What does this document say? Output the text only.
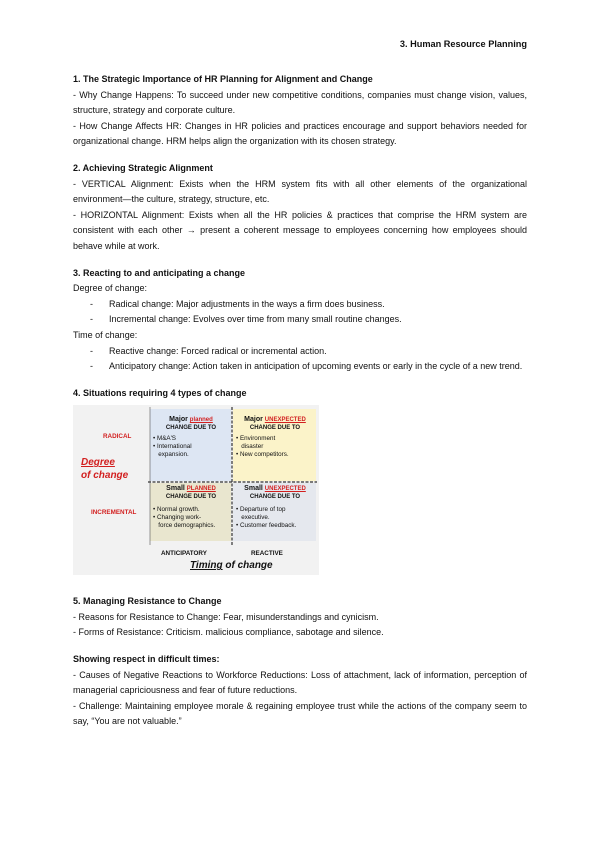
3. Human Resource Planning

1. The Strategic Importance of HR Planning for Alignment and Change

- Why Change Happens: To succeed under new competitive conditions, companies must change vision, values, structure, strategy and corporate culture.

- How Change Affects HR: Changes in HR policies and practices encourage and support behaviors needed for organizational change. HRM helps align the organization with its chosen strategy.

2. Achieving Strategic Alignment

- VERTICAL Alignment: Exists when the HRM system fits with all other elements of the organizational environment—the culture, strategy, structure, etc.

- HORIZONTAL Alignment: Exists when all the HR policies & practices that comprise the HRM system are consistent with each other → present a coherent message to employees concerning how employees should behave while at work.

3. Reacting to and anticipating a change

Degree of change:

- Radical change: Major adjustments in the ways a firm does business.
- Incremental change: Evolves over time from many small routine changes.

Time of change:

- Reactive change: Forced radical or incremental action.
- Anticipatory change: Action taken in anticipation of upcoming events or early in the cycle of a new trend.

4. Situations requiring 4 types of change

RADICAL
INCREMENTAL
Degree
of change
Major planned
CHANGE DUE TO
• M&A'S
• International
expansion.
Major UNEXPECTED
CHANGE DUE TO
• Environment
disaster
• New competitors.
Small PLANNED
CHANGE DUE TO
• Normal growth.
• Changing work-
force demographics.
Small UNEXPECTED
CHANGE DUE TO
• Departure of top
executive.
• Customer feedback.
ANTICIPATORY	REACTIVE
Timing of change

5. Managing Resistance to Change

- Reasons for Resistance to Change: Fear, misunderstandings and cynicism.

- Forms of Resistance: Criticism. malicious compliance, sabotage and silence.

Showing respect in difficult times:

- Causes of Negative Reactions to Workforce Reductions: Loss of attachment, lack of information, perception of managerial capriciousness and fear of future reductions.

- Challenge: Maintaining employee morale & regaining employee trust while the actions of the company seem to say, “You are not valuable.”
